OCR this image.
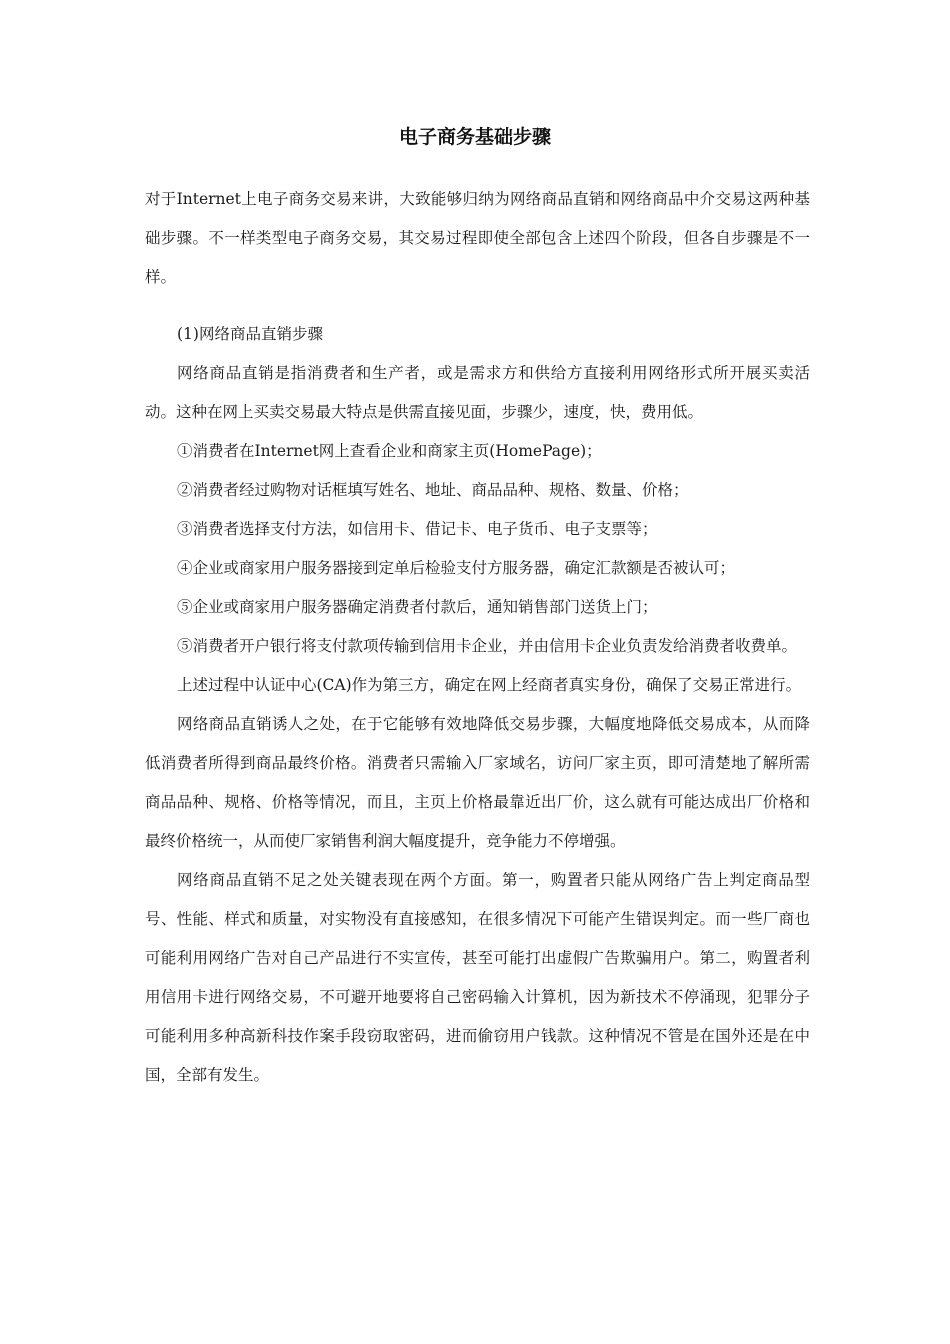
电子商务基础步骤

对于Internet上电子商务交易来讲，大致能够归纳为网络商品直销和网络商品中介交易这两种基础步骤。不一样类型电子商务交易，其交易过程即使全部包含上述四个阶段，但各自步骤是不一样。

(1)网络商品直销步骤

网络商品直销是指消费者和生产者，或是需求方和供给方直接利用网络形式所开展买卖活动。这种在网上买卖交易最大特点是供需直接见面，步骤少，速度，快，费用低。

①消费者在Internet网上查看企业和商家主页(HomePage)；

②消费者经过购物对话框填写姓名、地址、商品品种、规格、数量、价格；

③消费者选择支付方法，如信用卡、借记卡、电子货币、电子支票等；

④企业或商家用户服务器接到定单后检验支付方服务器，确定汇款额是否被认可；

⑤企业或商家用户服务器确定消费者付款后，通知销售部门送货上门；

⑤消费者开户银行将支付款项传输到信用卡企业，并由信用卡企业负责发给消费者收费单。

上述过程中认证中心(CA)作为第三方，确定在网上经商者真实身份，确保了交易正常进行。

网络商品直销诱人之处，在于它能够有效地降低交易步骤，大幅度地降低交易成本，从而降低消费者所得到商品最终价格。消费者只需输入厂家域名，访问厂家主页，即可清楚地了解所需商品品种、规格、价格等情况，而且，主页上价格最靠近出厂价，这么就有可能达成出厂价格和最终价格统一，从而使厂家销售利润大幅度提升，竞争能力不停增强。

网络商品直销不足之处关键表现在两个方面。第一，购置者只能从网络广告上判定商品型号、性能、样式和质量，对实物没有直接感知，在很多情况下可能产生错误判定。而一些厂商也可能利用网络广告对自己产品进行不实宣传，甚至可能打出虚假广告欺骗用户。第二，购置者利用信用卡进行网络交易，不可避开地要将自己密码输入计算机，因为新技术不停涌现，犯罪分子可能利用多种高新科技作案手段窃取密码，进而偷窃用户钱款。这种情况不管是在国外还是在中国，全部有发生。
